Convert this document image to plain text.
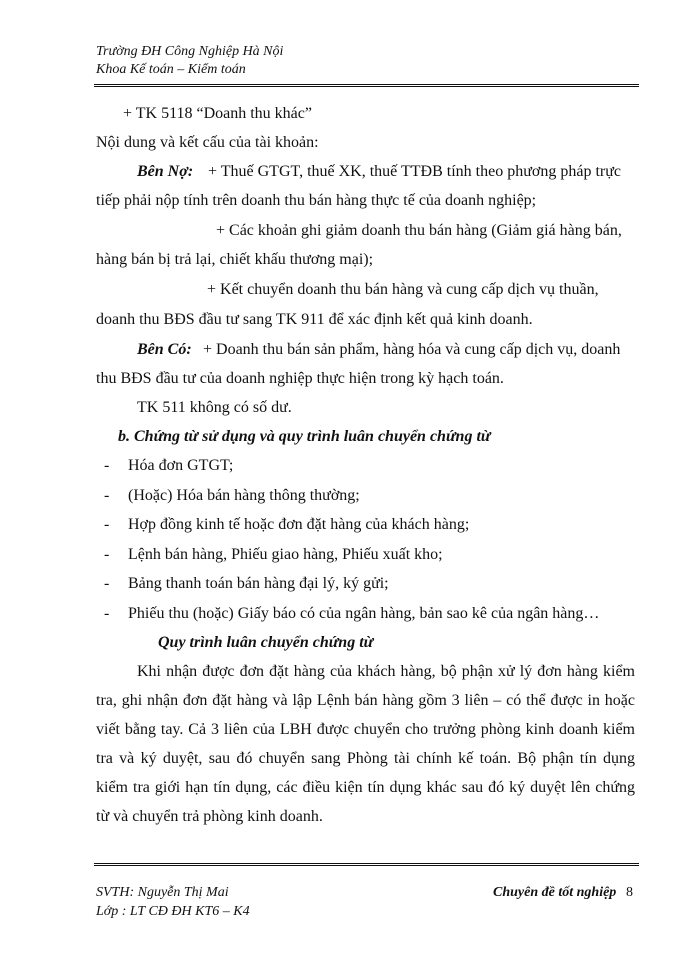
Trường ĐH Công Nghiệp Hà Nội
Khoa Kế toán – Kiểm toán
+ TK 5118 “Doanh thu khác”
Nội dung và kết cấu của tài khoản:
Bên Nợ: + Thuế GTGT, thuế XK, thuế TTĐB tính theo phương pháp trực
tiếp phải nộp tính trên doanh thu bán hàng thực tế của doanh nghiệp;
+ Các khoản ghi giảm doanh thu bán hàng (Giảm giá hàng bán,
hàng bán bị trả lại, chiết khấu thương mại);
+ Kết chuyển doanh thu bán hàng và cung cấp dịch vụ thuần,
doanh thu BĐS đầu tư sang TK 911 để xác định kết quả kinh doanh.
Bên Có: + Doanh thu bán sản phẩm, hàng hóa và cung cấp dịch vụ, doanh
thu BĐS đầu tư của doanh nghiệp thực hiện trong kỳ hạch toán.
TK 511 không có số dư.
b. Chứng từ sử dụng và quy trình luân chuyển chứng từ
- Hóa đơn GTGT;
- (Hoặc) Hóa bán hàng thông thường;
- Hợp đồng kinh tế hoặc đơn đặt hàng của khách hàng;
- Lệnh bán hàng, Phiếu giao hàng, Phiếu xuất kho;
- Bảng thanh toán bán hàng đại lý, ký gửi;
- Phiếu thu (hoặc) Giấy báo có của ngân hàng, bản sao kê của ngân hàng…
Quy trình luân chuyển chứng từ
Khi nhận được đơn đặt hàng của khách hàng, bộ phận xử lý đơn hàng kiểm
tra, ghi nhận đơn đặt hàng và lập Lệnh bán hàng gồm 3 liên – có thể được in hoặc
viết bằng tay. Cả 3 liên của LBH được chuyển cho trưởng phòng kinh doanh kiểm
tra và ký duyệt, sau đó chuyển sang Phòng tài chính kế toán. Bộ phận tín dụng
kiểm tra giới hạn tín dụng, các điều kiện tín dụng khác sau đó ký duyệt lên chứng
từ và chuyển trả phòng kinh doanh.
SVTH: Nguyễn Thị Mai	Chuyên đề tốt nghiệp 8
Lớp : LT CĐ ĐH KT6 – K4
